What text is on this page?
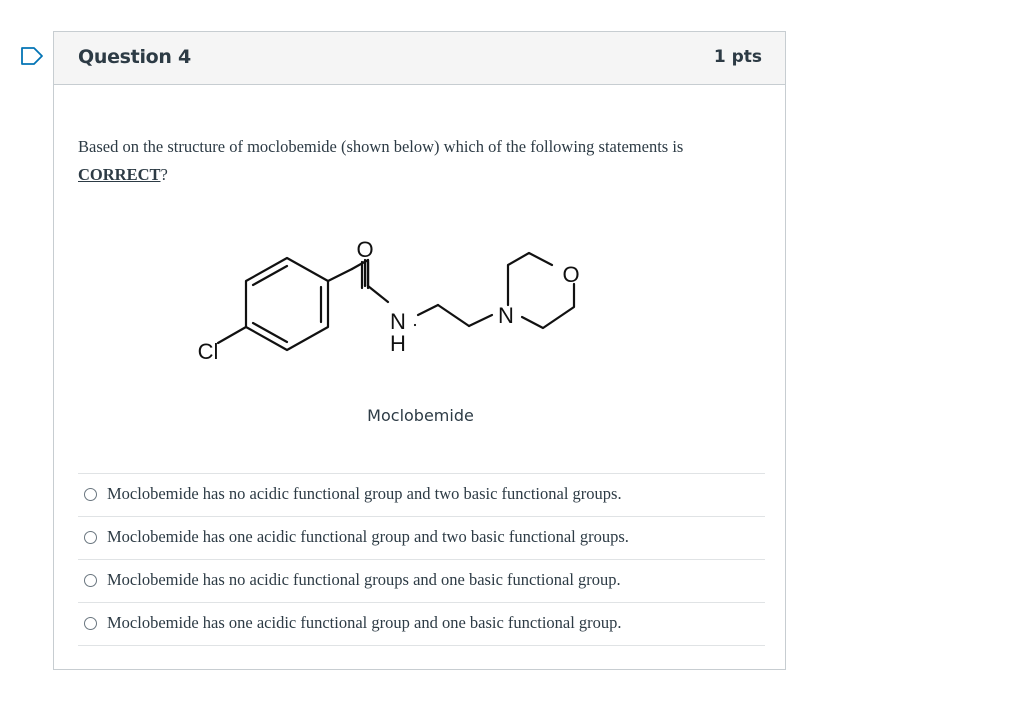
Question 4	1 pts
Based on the structure of moclobemide (shown below) which of the following statements is CORRECT?
O
N
H
N
O
Cl
Moclobemide
Moclobemide has no acidic functional group and two basic functional groups.
Moclobemide has one acidic functional group and two basic functional groups.
Moclobemide has no acidic functional groups and one basic functional group.
Moclobemide has one acidic functional group and one basic functional group.
